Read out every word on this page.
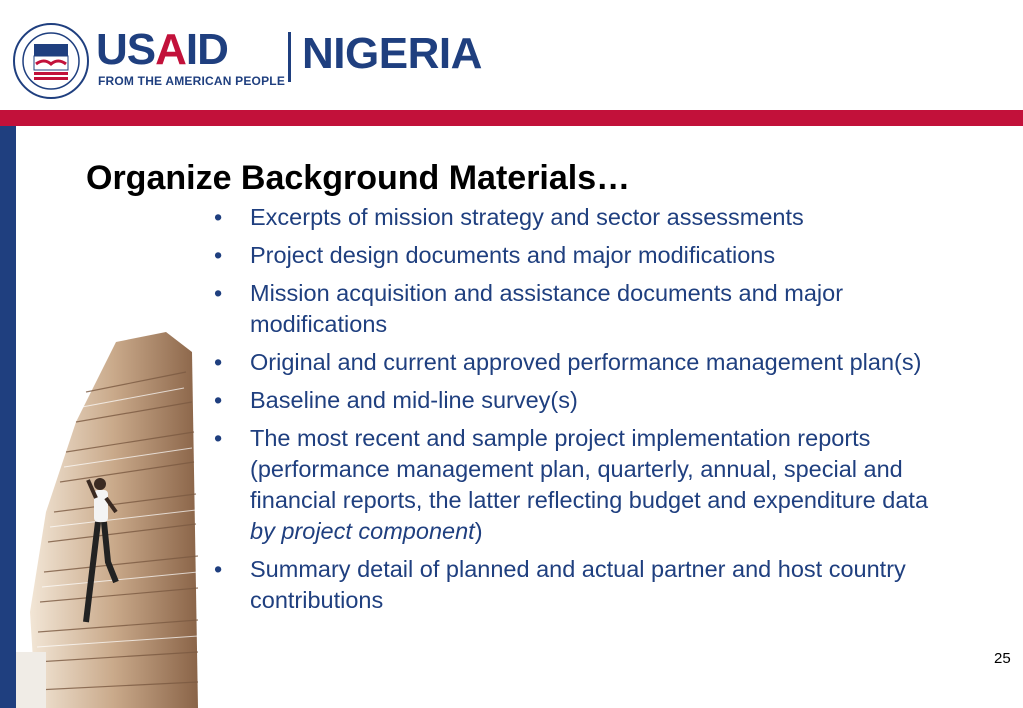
USAID
FROM THE AMERICAN PEOPLE
NIGERIA
Organize Background Materials…
• Excerpts of mission strategy and sector assessments
• Project design documents and major modifications
• Mission acquisition and assistance documents and major modifications
• Original and current approved performance management plan(s)
• Baseline and mid-line survey(s)
• The most recent and sample project implementation reports (performance management plan, quarterly, annual, special and financial reports, the latter reflecting budget and expenditure data by project component)
• Summary detail of planned and actual partner and host country contributions
25
